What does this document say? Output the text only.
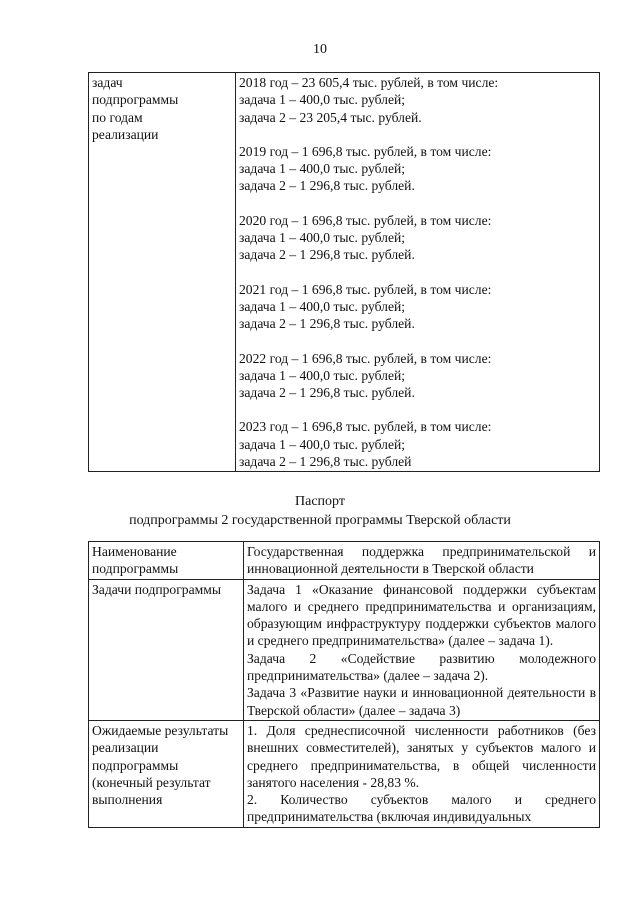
10
задач
подпрограммы
по годам
реализации

2018 год – 23 605,4 тыс. рублей, в том числе:
задача 1 – 400,0 тыс. рублей;
задача 2 – 23 205,4 тыс. рублей.
2019 год – 1 696,8 тыс. рублей, в том числе:
задача 1 – 400,0 тыс. рублей;
задача 2 – 1 296,8 тыс. рублей.
2020 год – 1 696,8 тыс. рублей, в том числе:
задача 1 – 400,0 тыс. рублей;
задача 2 – 1 296,8 тыс. рублей.
2021 год – 1 696,8 тыс. рублей, в том числе:
задача 1 – 400,0 тыс. рублей;
задача 2 – 1 296,8 тыс. рублей.
2022 год – 1 696,8 тыс. рублей, в том числе:
задача 1 – 400,0 тыс. рублей;
задача 2 – 1 296,8 тыс. рублей.
2023 год – 1 696,8 тыс. рублей, в том числе:
задача 1 – 400,0 тыс. рублей;
задача 2 – 1 296,8 тыс. рублей
Паспорт
подпрограммы 2 государственной программы Тверской области
Наименование подпрограммы	Государственная поддержка предпринимательской и инновационной деятельности в Тверской области
Задачи подпрограммы	Задача 1 «Оказание финансовой поддержки субъектам малого и среднего предпринимательства и организациям, образующим инфраструктуру поддержки субъектов малого и среднего предпринимательства» (далее – задача 1).
Задача 2 «Содействие развитию молодежного предпринимательства» (далее – задача 2).
Задача 3 «Развитие науки и инновационной деятельности в Тверской области» (далее – задача 3)

Ожидаемые результаты реализации подпрограммы (конечный результат выполнения	1. Доля среднесписочной численности работников (без внешних совместителей), занятых у субъектов малого и среднего предпринимательства, в общей численности занятого населения - 28,83 %.
2. Количество субъектов малого и среднего предпринимательства (включая индивидуальных
